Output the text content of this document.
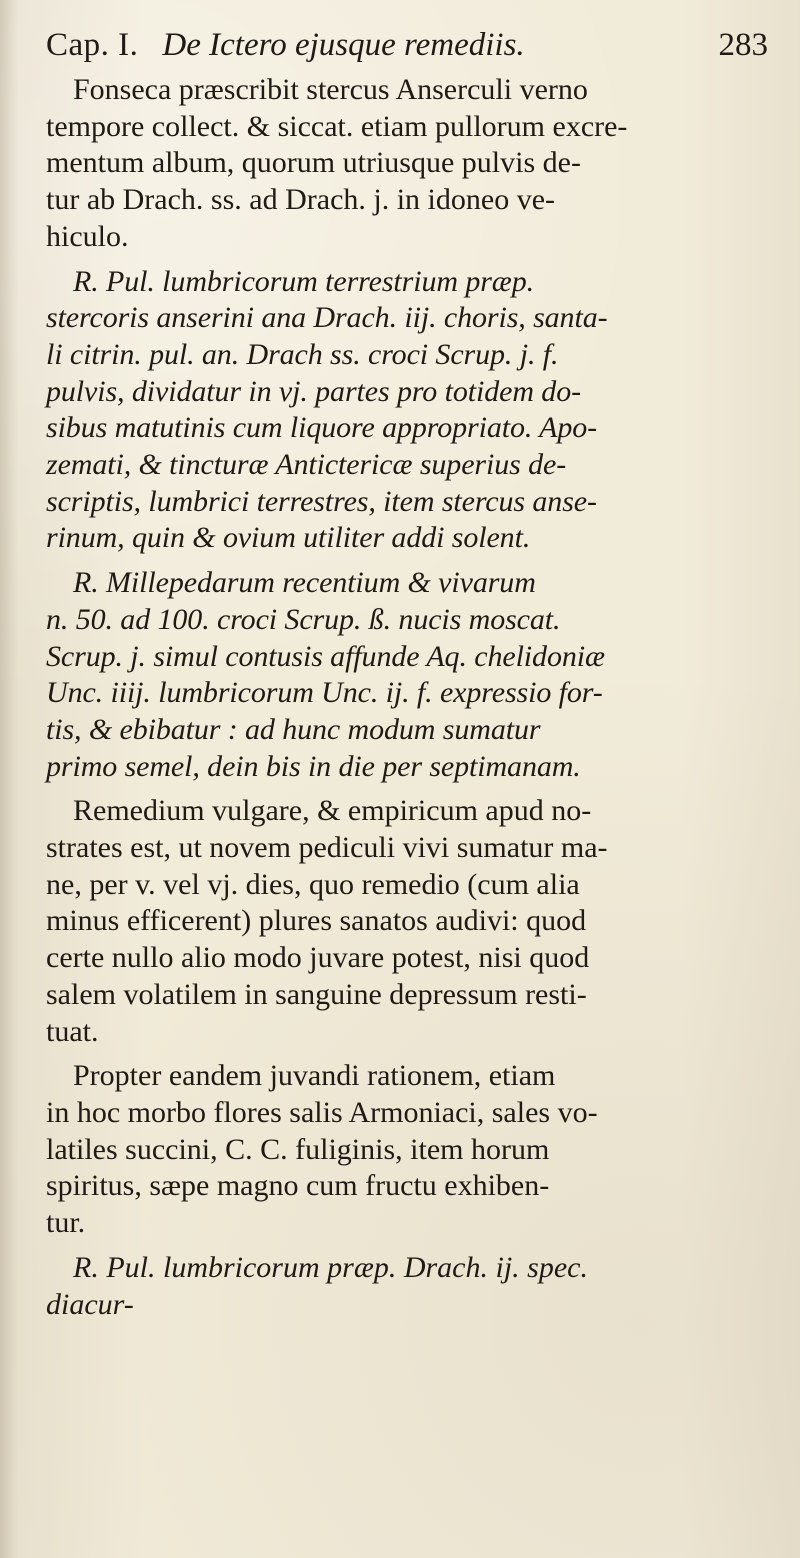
Cap. I. De Ictero ejusque remediis.	283

Fonseca præscribit stercus Anserculi verno
tempore collect. & siccat. etiam pullorum excre-
mentum album, quorum utriusque pulvis de-
tur ab Drach. ss. ad Drach. j. in idoneo ve-
hiculo.

R. Pul. lumbricorum terrestrium præp.
stercoris anserini ana Drach. iij. choris, santa-
li citrin. pul. an. Drach ss. croci Scrup. j. f.
pulvis, dividatur in vj. partes pro totidem do-
sibus matutinis cum liquore appropriato. Apo-
zemati, & tincturæ Antictericæ superius de-
scriptis, lumbrici terrestres, item stercus anse-
rinum, quin & ovium utiliter addi solent.

R. Millepedarum recentium & vivarum
n. 50. ad 100. croci Scrup. ß. nucis moscat.
Scrup. j. simul contusis affunde Aq. chelidoniæ
Unc. iiij. lumbricorum Unc. ij. f. expressio for-
tis, & ebibatur : ad hunc modum sumatur
primo semel, dein bis in die per septimanam.

Remedium vulgare, & empiricum apud no-
strates est, ut novem pediculi vivi sumatur ma-
ne, per v. vel vj. dies, quo remedio (cum alia
minus efficerent) plures sanatos audivi: quod
certe nullo alio modo juvare potest, nisi quod
salem volatilem in sanguine depressum resti-
tuat.

Propter eandem juvandi rationem, etiam
in hoc morbo flores salis Armoniaci, sales vo-
latiles succini, C. C. fuliginis, item horum
spiritus, sæpe magno cum fructu exhiben-
tur.

R. Pul. lumbricorum præp. Drach. ij. spec.
diacur-
